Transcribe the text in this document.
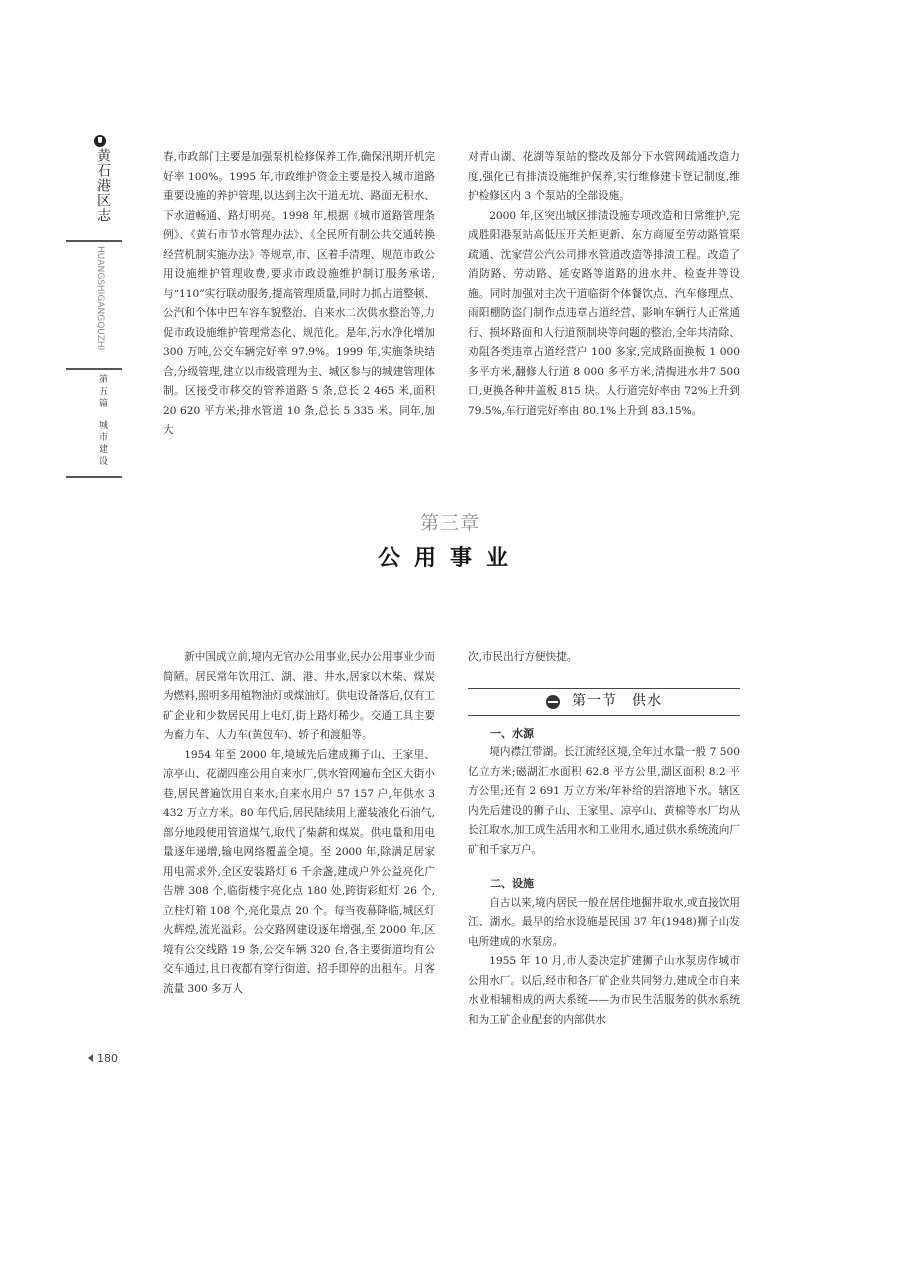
黄石港区志
HUANGSHIGANGQUZHI
第五篇
城市建设

春,市政部门主要是加强泵机检修保养工作,确保汛期开机完好率 100%。1995 年,市政维护资金主要是投入城市道路重要设施的养护管理,以达到主次干道无坑、路面无积水、下水道畅通、路灯明亮。1998 年,根据《城市道路管理条例》、《黄石市节水管理办法》、《全民所有制公共交通转换经营机制实施办法》等规章,市、区着手清理、规范市政公用设施维护管理收费,要求市政设施维护制订服务承诺,与“110”实行联动服务,提高管理质量,同时力抓占道整顿、公汽和个体中巴车容车貌整治、自来水二次供水整治等,力促市政设施维护管理常态化、规范化。是年,污水净化增加 300 万吨,公交车辆完好率 97.9%。1999 年,实施条块结合,分级管理,建立以市级管理为主、城区参与的城建管理体制。区接受市移交的管养道路 5 条,总长 2 465 米,面积 20 620 平方米;排水管道 10 条,总长 5 335 米。同年,加大

对青山湖、花湖等泵站的整改及部分下水管网疏通改造力度,强化已有排渍设施维护保养,实行维修建卡登记制度,维护检修区内 3 个泵站的全部设施。

2000 年,区突出城区排渍设施专项改造和日常维护,完成胜阳港泵站高低压开关柜更新、东方商厦至劳动路管渠疏通、沈家营公汽公司排水管道改造等排渍工程。改造了消防路、劳动路、延安路等道路的进水井、检查井等设施。同时加强对主次干道临街个体餐饮点、汽车修理点、雨阳棚防盗门制作点违章占道经营、影响车辆行人正常通行、损坏路面和人行道预制块等问题的整治,全年共清除、劝阻各类违章占道经营户 100 多家,完成路面换板 1 000 多平方米,翻修人行道 8 000 多平方米,清掏进水井7 500口,更换各种井盖板 815 块。人行道完好率由 72%上升到 79.5%,车行道完好率由 80.1%上升到 83.15%。

第三章
公用事业

新中国成立前,境内无官办公用事业,民办公用事业少而简陋。居民常年饮用江、湖、港、井水,居家以木柴、煤炭为燃料,照明多用植物油灯或煤油灯。供电设备落后,仅有工矿企业和少数居民用上电灯,街上路灯稀少。交通工具主要为畜力车、人力车(黄包车)、轿子和渡船等。

1954 年至 2000 年,境域先后建成狮子山、王家里、凉亭山、花湖四座公用自来水厂,供水管网遍布全区大街小巷,居民普遍饮用自来水,自来水用户 57 157 户,年供水 3 432 万立方米。80 年代后,居民陆续用上灌装液化石油气,部分地段使用管道煤气,取代了柴薪和煤炭。供电量和用电量逐年递增,输电网络覆盖全境。至 2000 年,除满足居家用电需求外,全区安装路灯 6 千余盏,建成户外公益亮化广告牌 308 个,临街楼宇亮化点 180 处,跨街彩虹灯 26 个,立柱灯箱 108 个,亮化景点 20 个。每当夜幕降临,城区灯火辉煌,流光溢彩。公交路网建设逐年增强,至 2000 年,区境有公交线路 19 条,公交车辆 320 台,各主要街道均有公交车通过,且日夜都有穿行街道、招手即停的出租车。月客流量 300 多万人

次,市民出行方便快捷。

第一节　供水
一、水源

境内襟江带湖。长江流经区境,全年过水量一般 7 500 亿立方米;磁湖汇水面积 62.8 平方公里,湖区面积 8.2 平方公里;还有 2 691 万立方米/年补给的岩溶地下水。辖区内先后建设的狮子山、王家里、凉亭山、黄棉等水厂均从长江取水,加工成生活用水和工业用水,通过供水系统流向厂矿和千家万户。

二、设施

自古以来,境内居民一般在居住地掘井取水,或直接饮用江、湖水。最早的给水设施是民国 37 年(1948)狮子山发电所建成的水泵房。

1955 年 10 月,市人委决定扩建狮子山水泵房作城市公用水厂。以后,经市和各厂矿企业共同努力,建成全市自来水业相辅相成的两大系统——为市民生活服务的供水系统和为工矿企业配套的内部供水

180
